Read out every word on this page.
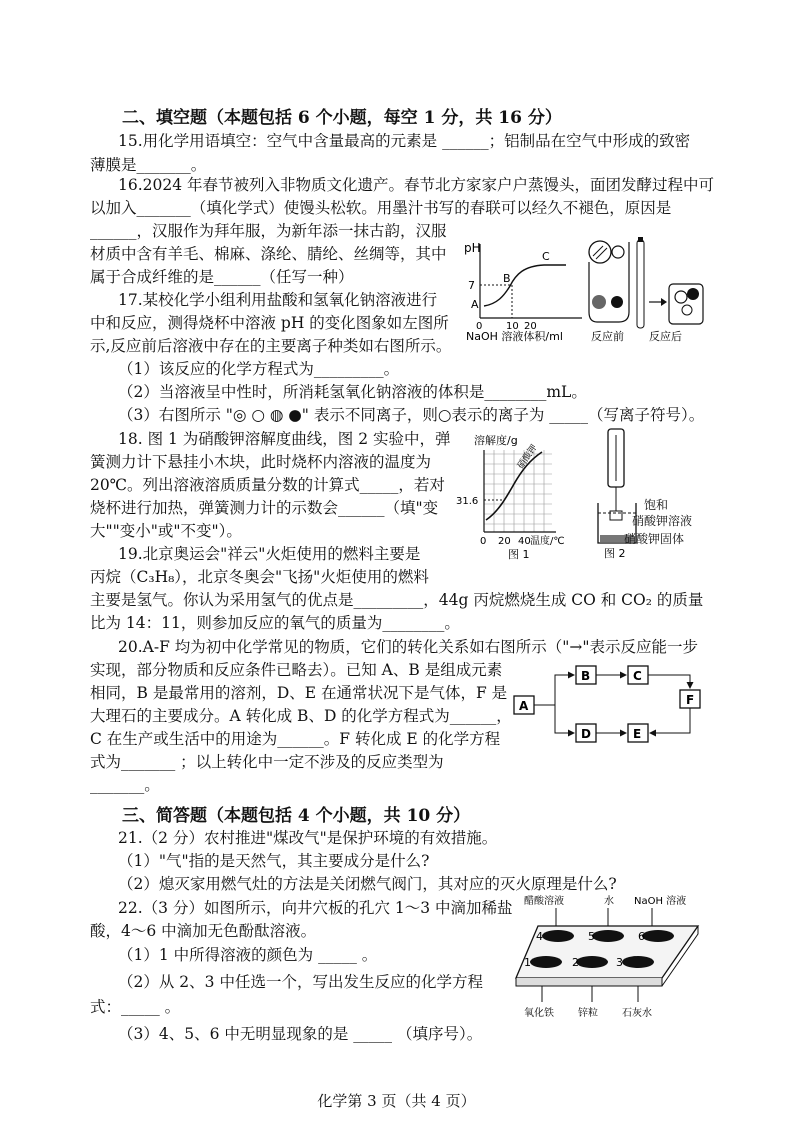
二、填空题（本题包括 6 个小题，每空 1 分，共 16 分）
15.用化学用语填空：空气中含量最高的元素是 ______；铝制品在空气中形成的致密
薄膜是_______。
16.2024 年春节被列入非物质文化遗产。春节北方家家户户蒸馒头，面团发酵过程中可
以加入_______（填化学式）使馒头松软。用墨汁书写的春联可以经久不褪色，原因是
______，汉服作为拜年服，为新年添一抹古韵，汉服
材质中含有羊毛、棉麻、涤纶、腈纶、丝绸等，其中
属于合成纤维的是______（任写一种）
17.某校化学小组利用盐酸和氢氧化钠溶液进行
中和反应，测得烧杯中溶液 pH 的变化图象如左图所
示,反应前后溶液中存在的主要离子种类如右图所示。
（1）该反应的化学方程式为_________。
（2）当溶液呈中性时，所消耗氢氧化钠溶液的体积是________mL。
（3）右图所示 "◎ ○ ◍ ●" 表示不同离子，则○表示的离子为 _____（写离子符号）。
18. 图 1 为硝酸钾溶解度曲线，图 2 实验中，弹
簧测力计下悬挂小木块，此时烧杯内溶液的温度为
20℃。列出溶液溶质质量分数的计算式_____，若对
烧杯进行加热，弹簧测力计的示数会______（填"变
大""变小"或"不变"）。
19.北京奥运会"祥云"火炬使用的燃料主要是
丙烷（C₃H₈），北京冬奥会"飞扬"火炬使用的燃料
主要是氢气。你认为采用氢气的优点是_________，44g 丙烷燃烧生成 CO 和 CO₂ 的质量
比为 14：11，则参加反应的氧气的质量为________。
20.A-F 均为初中化学常见的物质，它们的转化关系如右图所示（"→"表示反应能一步
实现，部分物质和反应条件已略去）。已知 A、B 是组成元素
相同，B 是最常用的溶剂，D、E 在通常状况下是气体，F 是
大理石的主要成分。A 转化成 B、D 的化学方程式为______，
C 在生产或生活中的用途为______。F 转化成 E 的化学方程
式为_______ ；以上转化中一定不涉及的反应类型为
_______。
三、简答题（本题包括 4 个小题，共 10 分）
21.（2 分）农村推进"煤改气"是保护环境的有效措施。
（1）"气"指的是天然气，其主要成分是什么?
（2）熄灭家用燃气灶的方法是关闭燃气阀门，其对应的灭火原理是什么?
22.（3 分）如图所示，向井穴板的孔穴 1～3 中滴加稀盐
酸，4～6 中滴加无色酚酞溶液。
（1）1 中所得溶液的颜色为 _____ 。
（2）从 2、3 中任选一个，写出发生反应的化学方程
式：_____ 。
（3）4、5、6 中无明显现象的是 _____ （填序号）。
pH
7
A
B
C
0 10 20
NaOH 溶液体积/ml	反应前 反应后
溶解度/g
硝酸钾
31.6
0 20 40 温度/℃
图 1	图 2
饱和
硝酸钾溶液
硝酸钾固体
A
B	C
D	E
F
醋酸溶液	水 NaOH 溶液
4	5	6
1	2	3
氧化铁 锌粒 石灰水
化学第 3 页（共 4 页）
